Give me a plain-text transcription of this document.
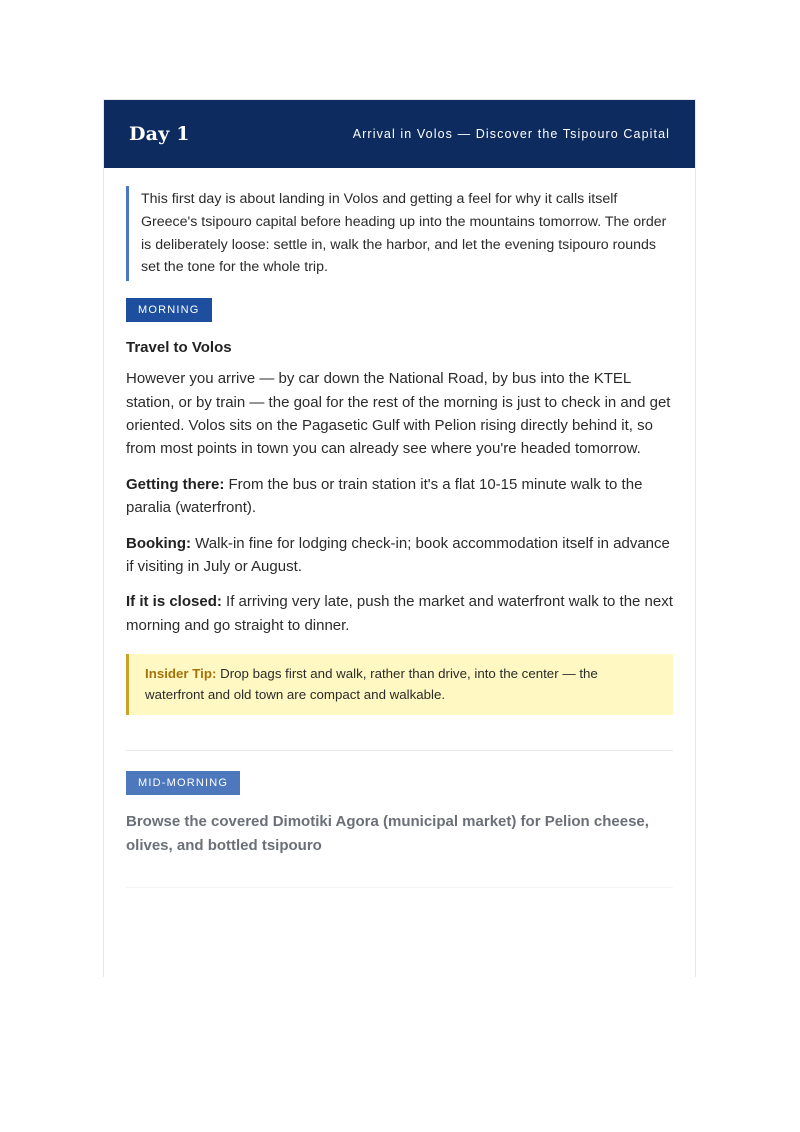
Day 1	Arrival in Volos — Discover the Tsipouro Capital
This first day is about landing in Volos and getting a feel for why it calls itself Greece's tsipouro capital before heading up into the mountains tomorrow. The order is deliberately loose: settle in, walk the harbor, and let the evening tsipouro rounds set the tone for the whole trip.
MORNING
Travel to Volos
However you arrive — by car down the National Road, by bus into the KTEL station, or by train — the goal for the rest of the morning is just to check in and get oriented. Volos sits on the Pagasetic Gulf with Pelion rising directly behind it, so from most points in town you can already see where you're headed tomorrow.
Getting there: From the bus or train station it's a flat 10-15 minute walk to the paralia (waterfront).
Booking: Walk-in fine for lodging check-in; book accommodation itself in advance if visiting in July or August.
If it is closed: If arriving very late, push the market and waterfront walk to the next morning and go straight to dinner.
Insider Tip: Drop bags first and walk, rather than drive, into the center — the waterfront and old town are compact and walkable.
MID-MORNING
Browse the covered Dimotiki Agora (municipal market) for Pelion cheese, olives, and bottled tsipouro
